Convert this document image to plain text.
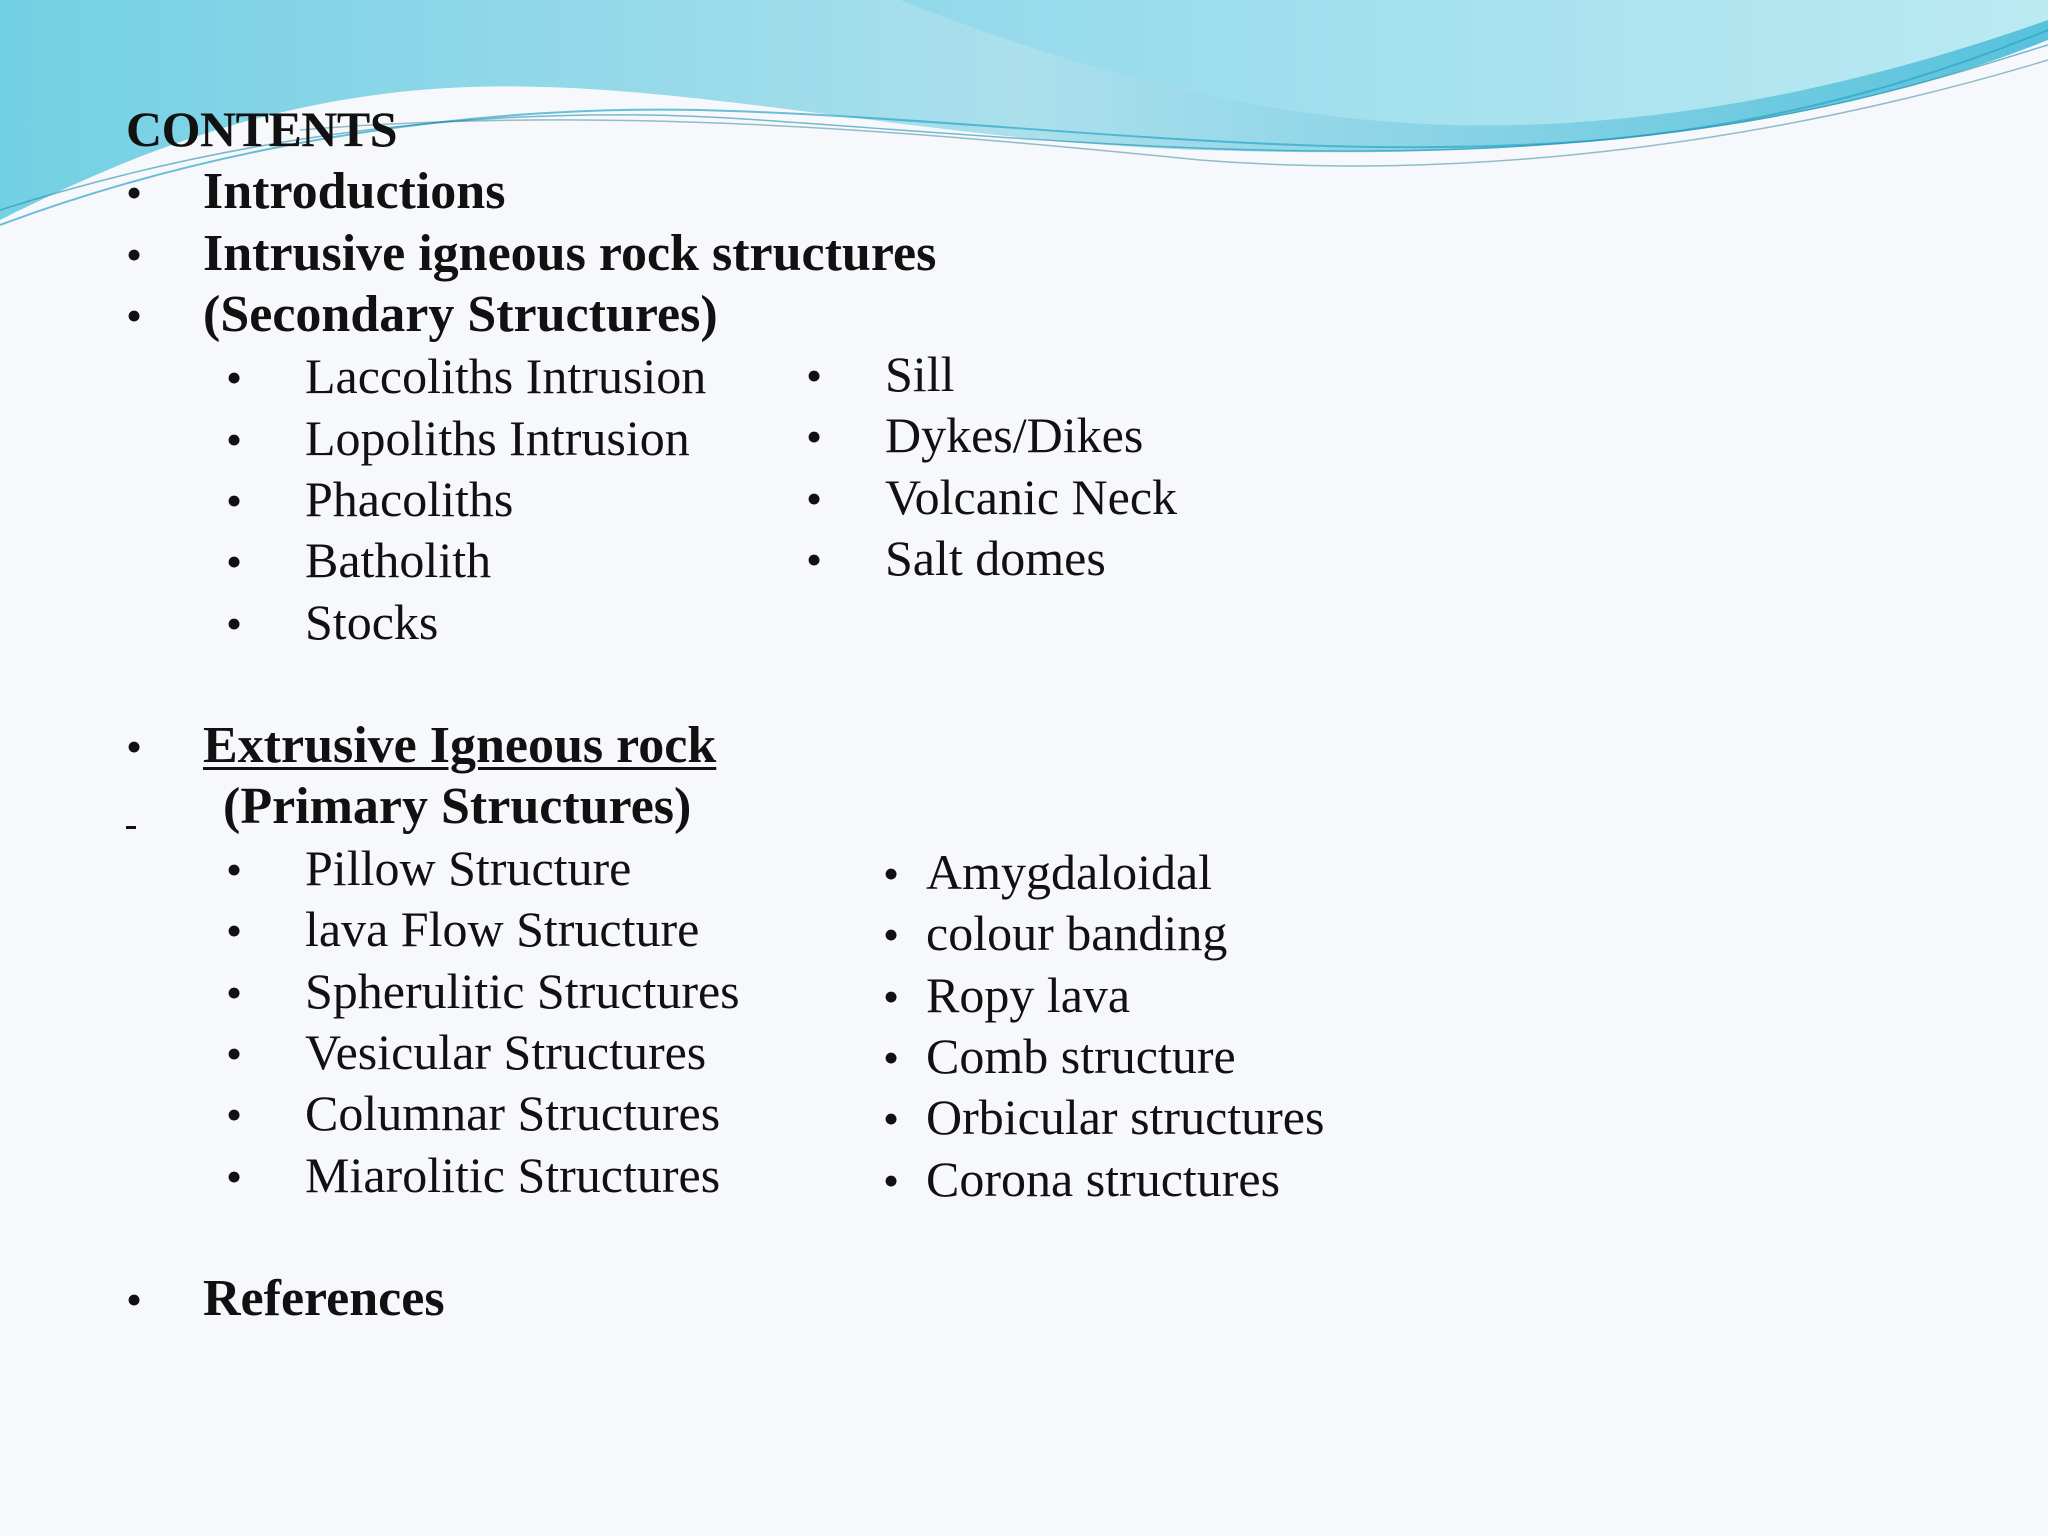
CONTENTS
• Introductions
• Intrusive igneous rock structures
• (Secondary Structures)
• Laccoliths Intrusion
• Lopoliths Intrusion
• Phacoliths
• Batholith
• Stocks
• Sill
• Dykes/Dikes
• Volcanic Neck
• Salt domes
• Extrusive Igneous rock
(Primary Structures)
• Pillow Structure
• lava Flow Structure
• Spherulitic Structures
• Vesicular Structures
• Columnar Structures
• Miarolitic Structures
• Amygdaloidal
• colour banding
• Ropy lava
• Comb structure
• Orbicular structures
• Corona structures
• References
